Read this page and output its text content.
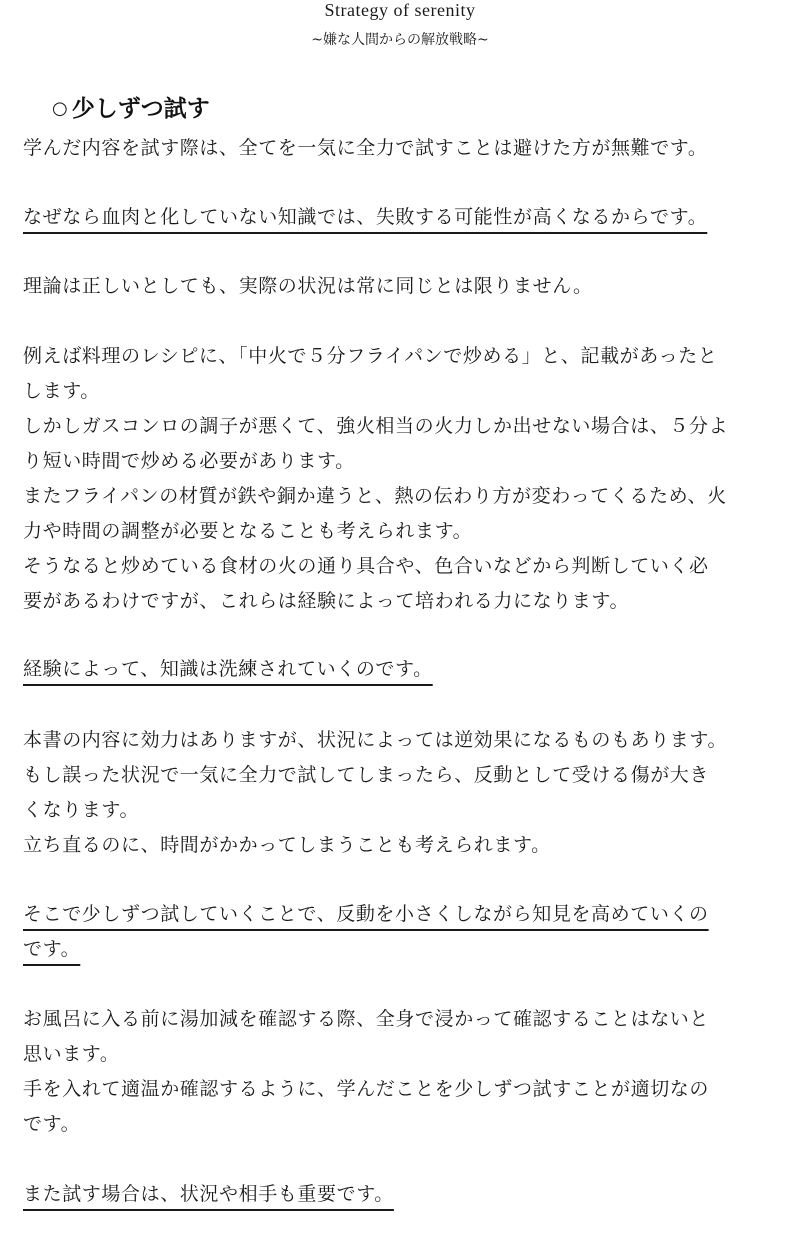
Strategy of serenity
~嫌な人間からの解放戦略~
○ 少しずつ試す

学んだ内容を試す際は、全てを一気に全力で試すことは避けた方が無難です。

なぜなら血肉と化していない知識では、失敗する可能性が高くなるからです。

理論は正しいとしても、実際の状況は常に同じとは限りません。

例えば料理のレシピに、「中火で５分フライパンで炒める」と、記載があったと

します。

しかしガスコンロの調子が悪くて、強火相当の火力しか出せない場合は、５分よ

り短い時間で炒める必要があります。

またフライパンの材質が鉄や銅か違うと、熱の伝わり方が変わってくるため、火

力や時間の調整が必要となることも考えられます。

そうなると炒めている食材の火の通り具合や、色合いなどから判断していく必

要があるわけですが、これらは経験によって培われる力になります。

経験によって、知識は洗練されていくのです。

本書の内容に効力はありますが、状況によっては逆効果になるものもあります。

もし誤った状況で一気に全力で試してしまったら、反動として受ける傷が大き

くなります。

立ち直るのに、時間がかかってしまうことも考えられます。

そこで少しずつ試していくことで、反動を小さくしながら知見を高めていくの

です。

お風呂に入る前に湯加減を確認する際、全身で浸かって確認することはないと

思います。

手を入れて適温か確認するように、学んだことを少しずつ試すことが適切なの

です。

また試す場合は、状況や相手も重要です。
